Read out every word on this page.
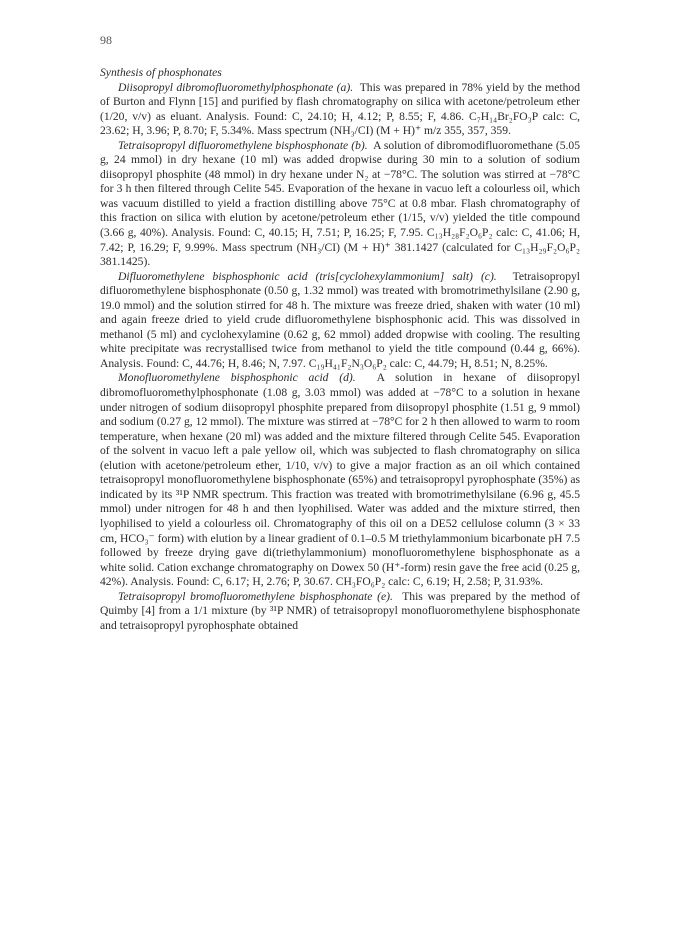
98

Synthesis of phosphonates

Diisopropyl dibromofluoromethylphosphonate (a). This was prepared in 78% yield by the method of Burton and Flynn [15] and purified by flash chromatography on silica with acetone/petroleum ether (1/20, v/v) as eluant. Analysis. Found: C, 24.10; H, 4.12; P, 8.55; F, 4.86. C₇H₁₄Br₂FO₃P calc: C, 23.62; H, 3.96; P, 8.70; F, 5.34%. Mass spectrum (NH₃/CI) (M + H)⁺ m/z 355, 357, 359.

Tetraisopropyl difluoromethylene bisphosphonate (b). A solution of dibromodifluoromethane (5.05 g, 24 mmol) in dry hexane (10 ml) was added dropwise during 30 min to a solution of sodium diisopropyl phosphite (48 mmol) in dry hexane under N₂ at −78°C. The solution was stirred at −78°C for 3 h then filtered through Celite 545. Evaporation of the hexane in vacuo left a colourless oil, which was vacuum distilled to yield a fraction distilling above 75°C at 0.8 mbar. Flash chromatography of this fraction on silica with elution by acetone/petroleum ether (1/15, v/v) yielded the title compound (3.66 g, 40%). Analysis. Found: C, 40.15; H, 7.51; P, 16.25; F, 7.95. C₁₃H₂₈F₂O₆P₂ calc: C, 41.06; H, 7.42; P, 16.29; F, 9.99%. Mass spectrum (NH₃/CI) (M + H)⁺ 381.1427 (calculated for C₁₃H₂₉F₂O₆P₂ 381.1425).

Difluoromethylene bisphosphonic acid (tris[cyclohexylammonium] salt) (c). Tetraisopropyl difluoromethylene bisphosphonate (0.50 g, 1.32 mmol) was treated with bromotrimethylsilane (2.90 g, 19.0 mmol) and the solution stirred for 48 h. The mixture was freeze dried, shaken with water (10 ml) and again freeze dried to yield crude difluoromethylene bisphosphonic acid. This was dissolved in methanol (5 ml) and cyclohexylamine (0.62 g, 62 mmol) added dropwise with cooling. The resulting white precipitate was recrystallised twice from methanol to yield the title compound (0.44 g, 66%). Analysis. Found: C, 44.76; H, 8.46; N, 7.97. C₁₉H₄₁F₂N₃O₆P₂ calc: C, 44.79; H, 8.51; N, 8.25%.

Monofluoromethylene bisphosphonic acid (d). A solution in hexane of diisopropyl dibromofluoromethylphosphonate (1.08 g, 3.03 mmol) was added at −78°C to a solution in hexane under nitrogen of sodium diisopropyl phosphite prepared from diisopropyl phosphite (1.51 g, 9 mmol) and sodium (0.27 g, 12 mmol). The mixture was stirred at −78°C for 2 h then allowed to warm to room temperature, when hexane (20 ml) was added and the mixture filtered through Celite 545. Evaporation of the solvent in vacuo left a pale yellow oil, which was subjected to flash chromatography on silica (elution with acetone/petroleum ether, 1/10, v/v) to give a major fraction as an oil which contained tetraisopropyl monofluoromethylene bisphosphonate (65%) and tetraisopropyl pyrophosphate (35%) as indicated by its ³¹P NMR spectrum. This fraction was treated with bromotrimethylsilane (6.96 g, 45.5 mmol) under nitrogen for 48 h and then lyophilised. Water was added and the mixture stirred, then lyophilised to yield a colourless oil. Chromatography of this oil on a DE52 cellulose column (3 × 33 cm, HCO₃⁻ form) with elution by a linear gradient of 0.1–0.5 M triethylammonium bicarbonate pH 7.5 followed by freeze drying gave di(triethylammonium) monofluoromethylene bisphosphonate as a white solid. Cation exchange chromatography on Dowex 50 (H⁺-form) resin gave the free acid (0.25 g, 42%). Analysis. Found: C, 6.17; H, 2.76; P, 30.67. CH₃FO₆P₂ calc: C, 6.19; H, 2.58; P, 31.93%.

Tetraisopropyl bromofluoromethylene bisphosphonate (e). This was prepared by the method of Quimby [4] from a 1/1 mixture (by ³¹P NMR) of tetraisopropyl monofluoromethylene bisphosphonate and tetraisopropyl pyrophosphate obtained
